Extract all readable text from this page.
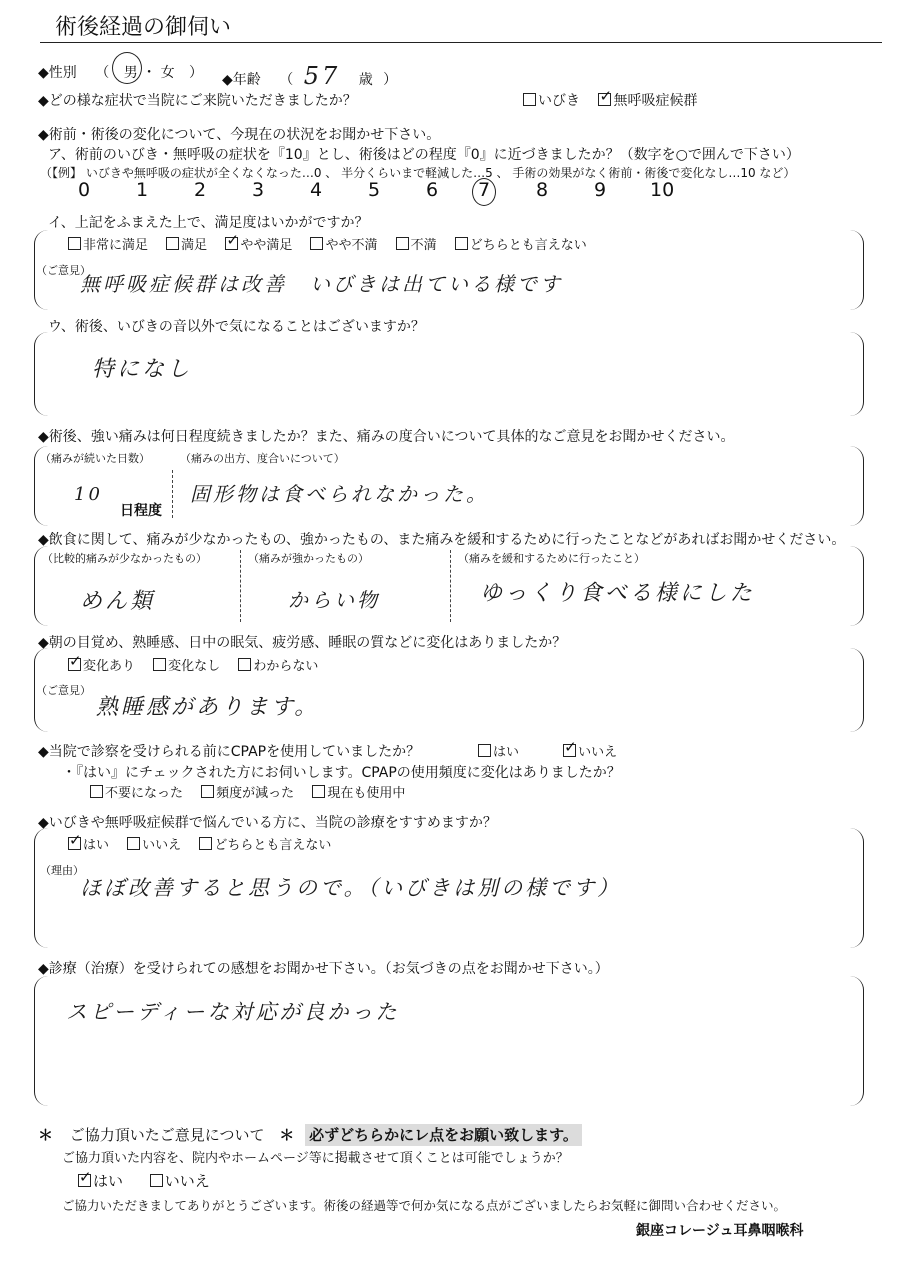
術後経過の御伺い
◆性別 （ 男 ・ 女 ） ◆年齢 （ 57 歳 ）
◆どの様な症状で当院にご来院いただきましたか？	いびき ✓ 無呼吸症候群
◆術前・術後の変化について、今現在の状況をお聞かせ下さい。
ア、術前のいびき・無呼吸の症状を『10』とし、術後はどの程度『0』に近づきましたか？（数字を○で囲んで下さい）
（【例】 いびきや無呼吸の症状が全くなくなった…0 、 半分くらいまで軽減した…5 、 手術の効果がなく術前・術後で変化なし…10 など）
0 1 2 3 4 5 6 7 8 9 10
イ、上記をふまえた上で、満足度はいかがですか？
非常に満足	満足 ✓	やや満足	やや不満	不満	どちらとも言えない
（ご意見）
無呼吸症候群は改善　いびきは出ている様です
ウ、術後、いびきの音以外で気になることはございますか？
特になし
◆術後、強い痛みは何日程度続きましたか？また、痛みの度合いについて具体的なご意見をお聞かせください。
（痛みが続いた日数）	（痛みの出方、度合いについて）
10
日程度
固形物は食べられなかった。
◆飲食に関して、痛みが少なかったもの、強かったもの、また痛みを緩和するために行ったことなどがあればお聞かせください。
（比較的痛みが少なかったもの）	（痛みが強かったもの）	（痛みを緩和するために行ったこと）
めん類	からい物	ゆっくり食べる様にした
◆朝の目覚め、熟睡感、日中の眠気、疲労感、睡眠の質などに変化はありましたか？
✓変化あり	変化なし	わからない
（ご意見）
熟睡感があります。
◆当院で診察を受けられる前にCPAPを使用していましたか？	はい ✓	いいえ
・『はい』にチェックされた方にお伺いします。CPAPの使用頻度に変化はありましたか？
不要になった	頻度が減った	現在も使用中
◆いびきや無呼吸症候群で悩んでいる方に、当院の診療をすすめますか？
✓はい	いいえ	どちらとも言えない
（理由）
ほぼ改善すると思うので。（いびきは別の様です）
◆診療（治療）を受けられての感想をお聞かせ下さい。（お気づきの点をお聞かせ下さい。）
スピーディーな対応が良かった
＊ ご協力頂いたご意見について ＊ 必ずどちらかにレ点をお願い致します。
ご協力頂いた内容を、院内やホームページ等に掲載させて頂くことは可能でしょうか？
✓はい	いいえ
ご協力いただきましてありがとうございます。術後の経過等で何か気になる点がございましたらお気軽に御問い合わせください。
銀座コレージュ耳鼻咽喉科
